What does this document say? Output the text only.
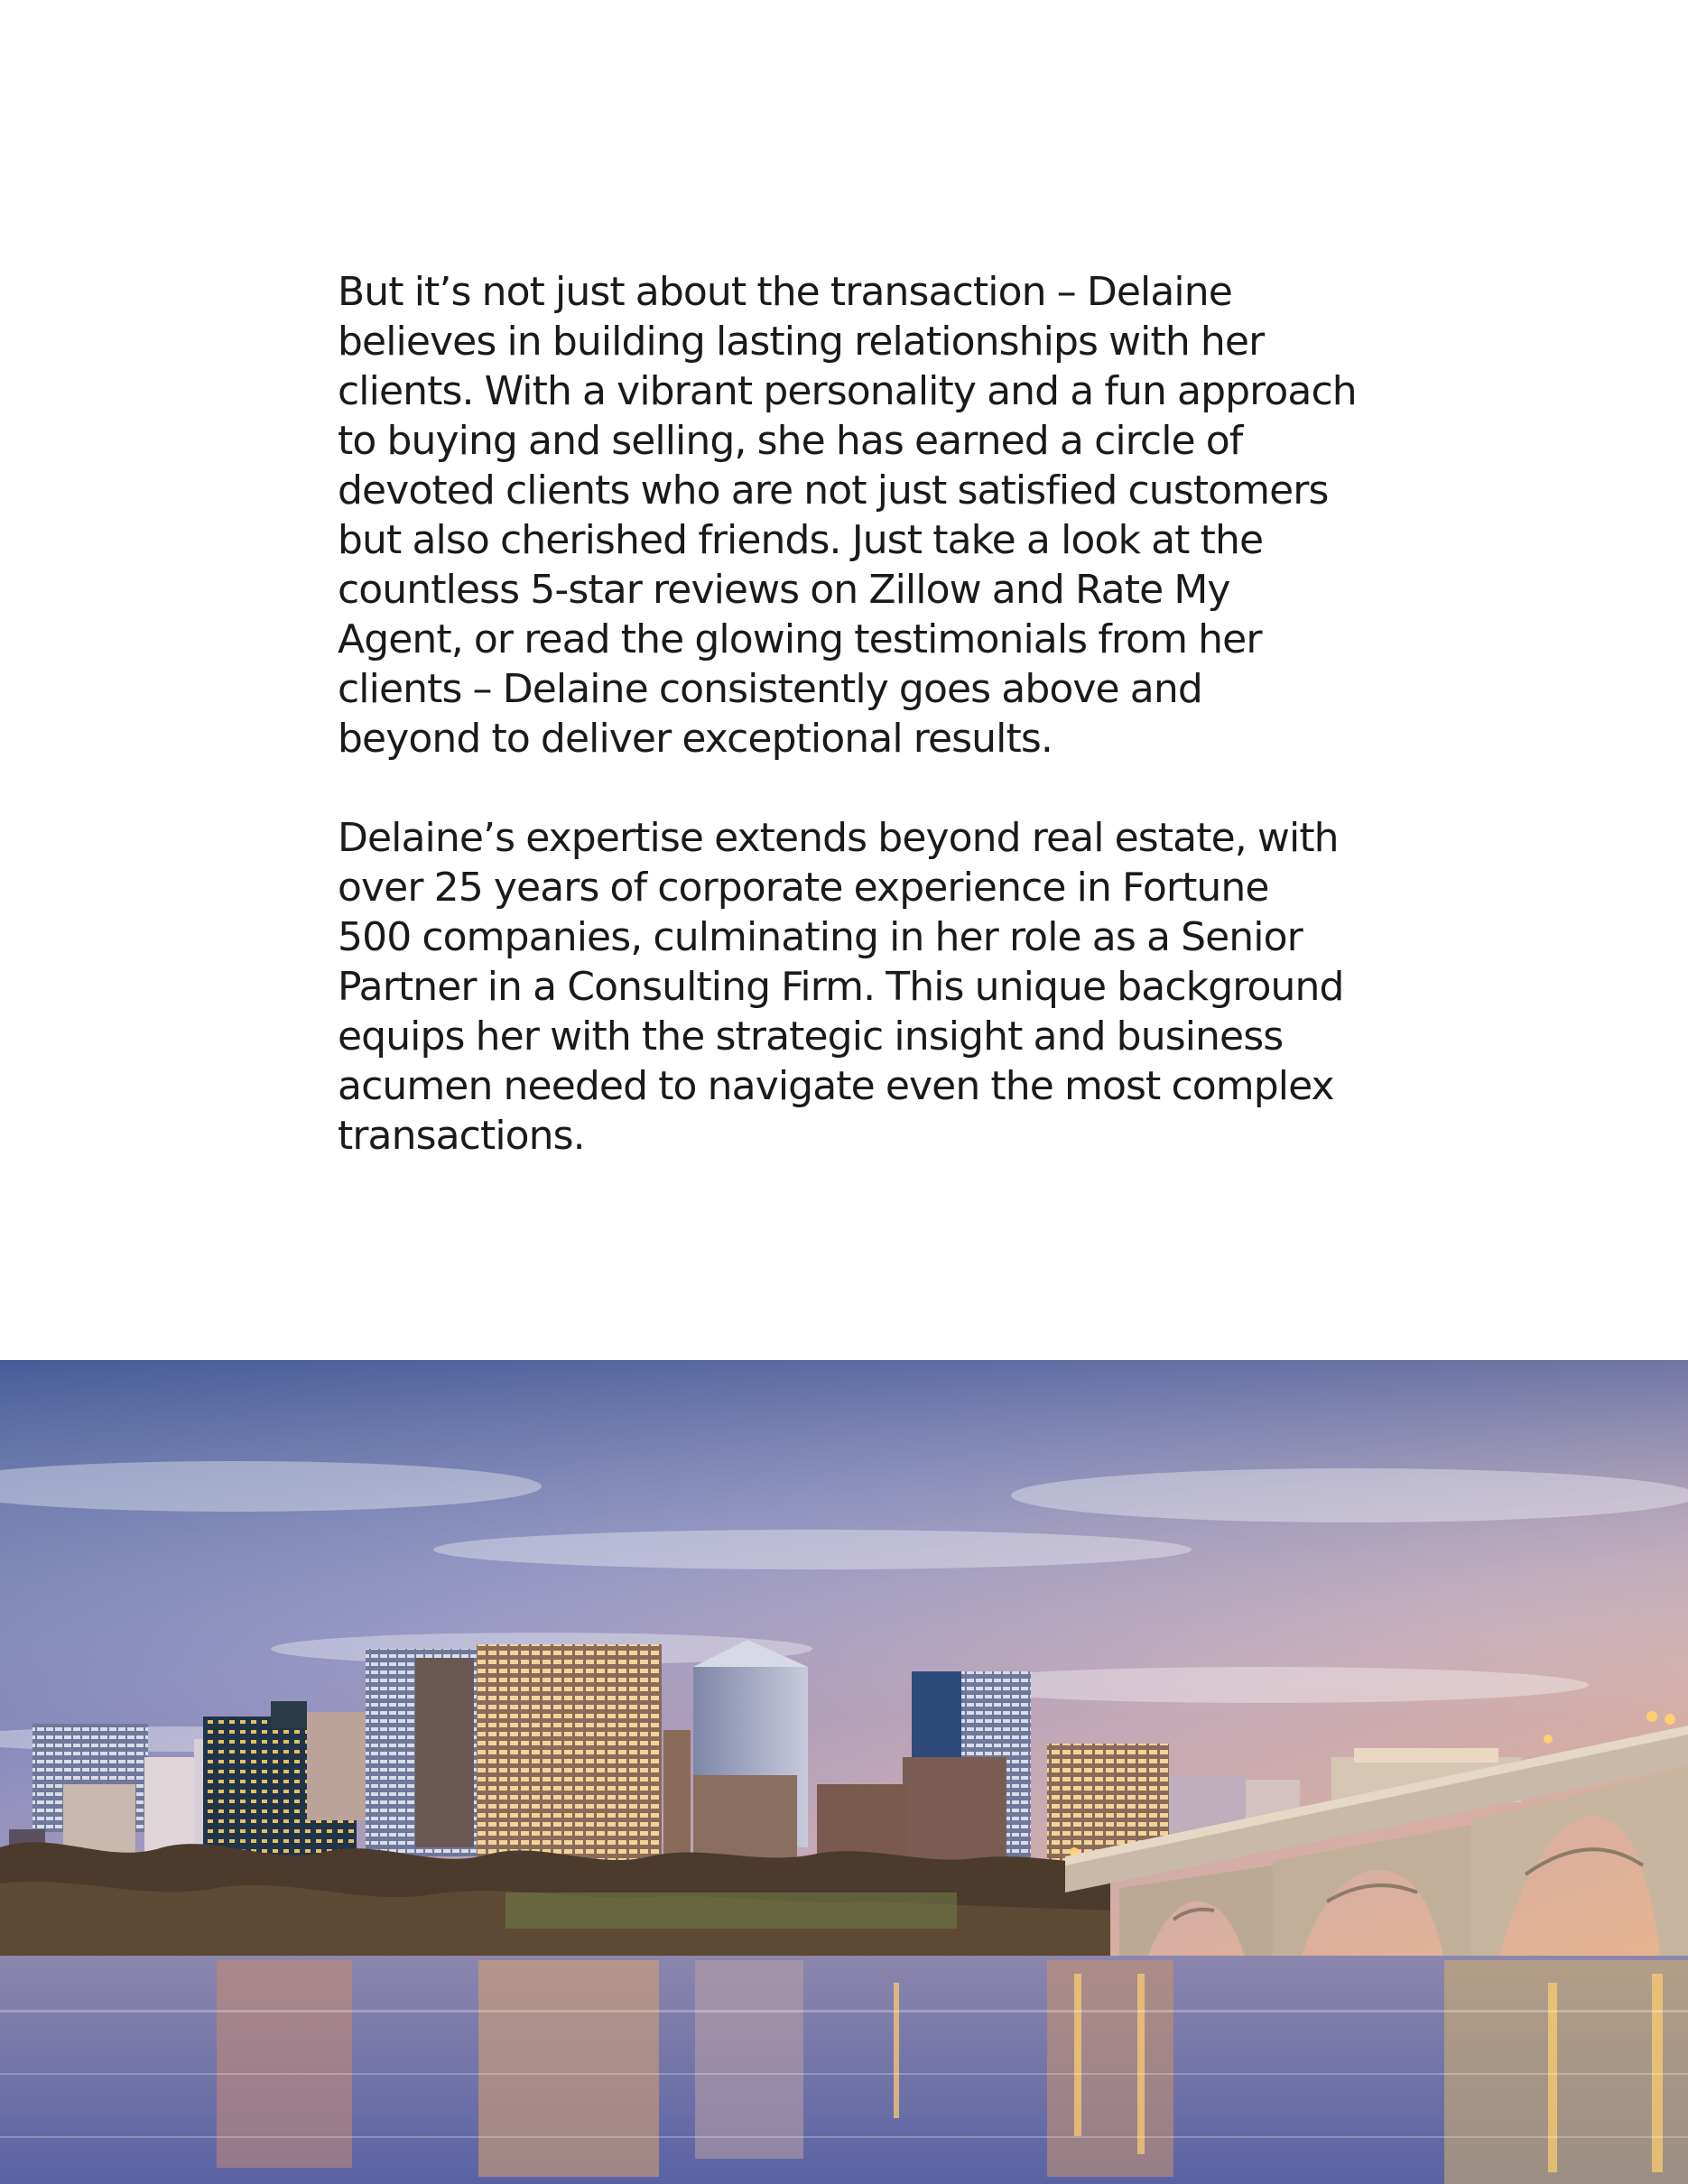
But it’s not just about the transaction – Delaine
believes in building lasting relationships with her
clients. With a vibrant personality and a fun approach
to buying and selling, she has earned a circle of
devoted clients who are not just satisfied customers
but also cherished friends. Just take a look at the
countless 5-star reviews on Zillow and Rate My
Agent, or read the glowing testimonials from her
clients – Delaine consistently goes above and
beyond to deliver exceptional results.

Delaine’s expertise extends beyond real estate, with
over 25 years of corporate experience in Fortune
500 companies, culminating in her role as a Senior
Partner in a Consulting Firm. This unique background
equips her with the strategic insight and business
acumen needed to navigate even the most complex
transactions.
